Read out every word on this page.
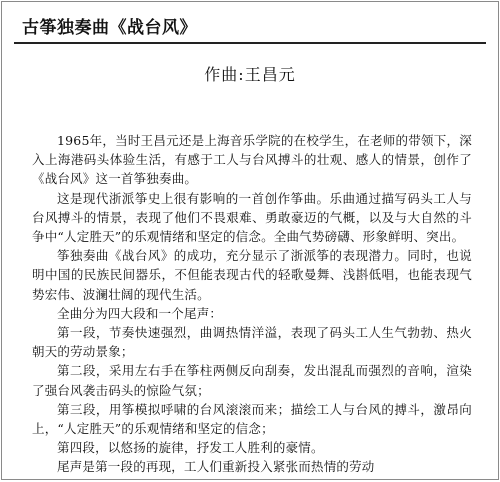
古筝独奏曲《战台风》
作曲:王昌元

1965年，当时王昌元还是上海音乐学院的在校学生，在老师的带领下，深入上海港码头体验生活，有感于工人与台风搏斗的壮观、感人的情景，创作了《战台风》这一首筝独奏曲。

这是现代浙派筝史上很有影响的一首创作筝曲。乐曲通过描写码头工人与台风搏斗的情景，表现了他们不畏艰难、勇敢豪迈的气概，以及与大自然的斗争中“人定胜天”的乐观情绪和坚定的信念。全曲气势磅礴、形象鲜明、突出。

筝独奏曲《战台风》的成功，充分显示了浙派筝的表现潜力。同时，也说明中国的民族民间器乐，不但能表现古代的轻歌曼舞、浅斟低唱，也能表现气势宏伟、波澜壮阔的现代生活。

全曲分为四大段和一个尾声：

第一段，节奏快速强烈，曲调热情洋溢，表现了码头工人生气勃勃、热火朝天的劳动景象；

第二段，采用左右手在筝柱两侧反向刮奏，发出混乱而强烈的音响，渲染了强台风袭击码头的惊险气氛；

第三段，用筝模拟呼啸的台风滚滚而来；描绘工人与台风的搏斗，激昂向上，“人定胜天”的乐观情绪和坚定的信念；

第四段，以悠扬的旋律，抒发工人胜利的豪情。

尾声是第一段的再现，工人们重新投入紧张而热情的劳动
